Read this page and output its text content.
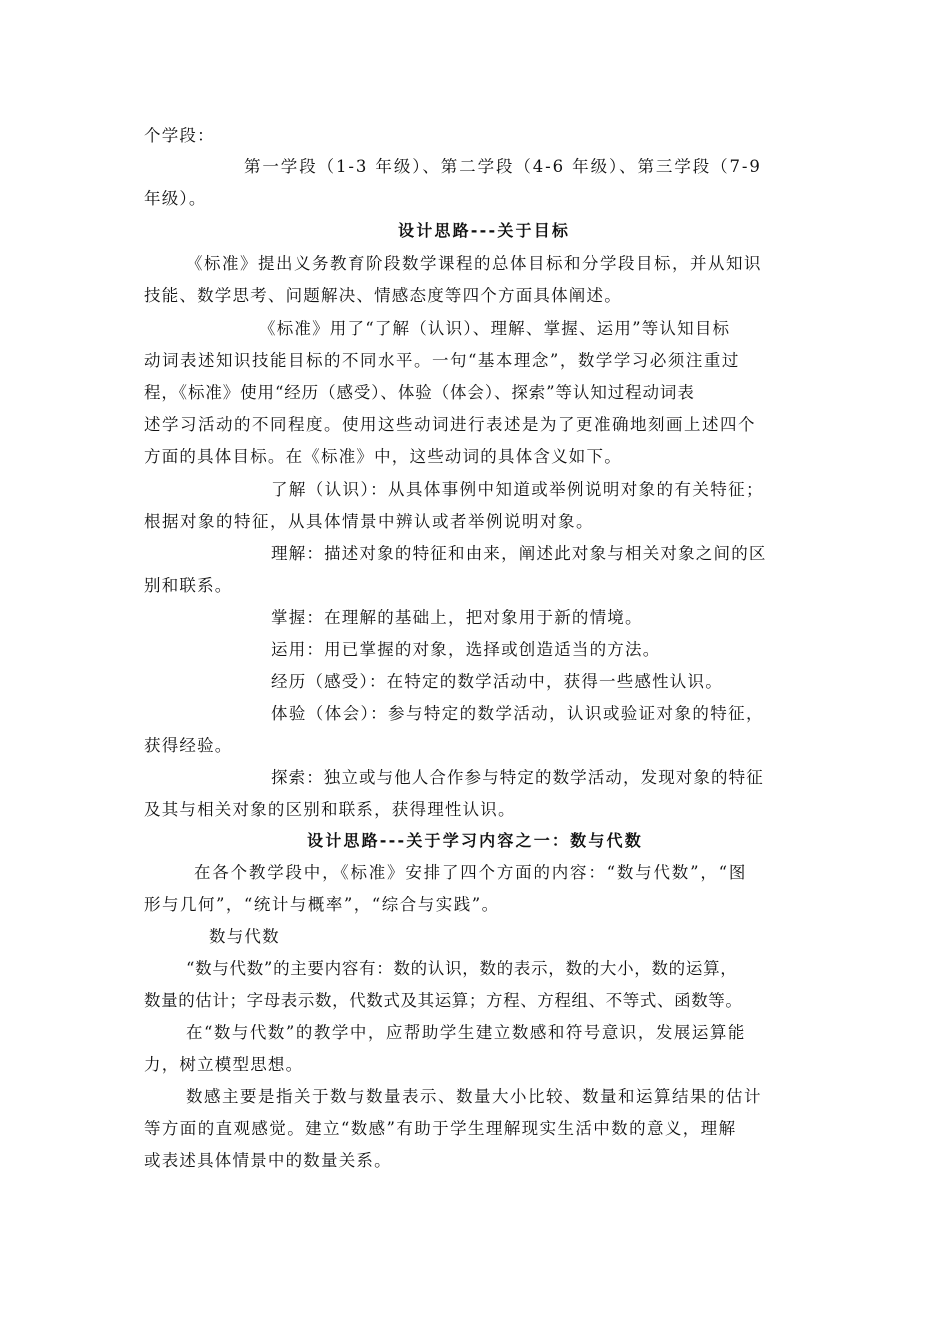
个学段：
第一学段（1-3 年级）、第二学段（4-6 年级）、第三学段（7-9
年级）。
设计思路---关于目标
《标准》提出义务教育阶段数学课程的总体目标和分学段目标，并从知识
技能、数学思考、问题解决、情感态度等四个方面具体阐述。
《标准》用了“了解（认识）、理解、掌握、运用”等认知目标
动词表述知识技能目标的不同水平。一句“基本理念”，数学学习必须注重过
程，《标准》使用“经历（感受）、体验（体会）、探索”等认知过程动词表
述学习活动的不同程度。使用这些动词进行表述是为了更准确地刻画上述四个
方面的具体目标。在《标准》中，这些动词的具体含义如下。
了解（认识）：从具体事例中知道或举例说明对象的有关特征；
根据对象的特征，从具体情景中辨认或者举例说明对象。
理解：描述对象的特征和由来，阐述此对象与相关对象之间的区
别和联系。
掌握：在理解的基础上，把对象用于新的情境。
运用：用已掌握的对象，选择或创造适当的方法。
经历（感受）：在特定的数学活动中，获得一些感性认识。
体验（体会）：参与特定的数学活动，认识或验证对象的特征，
获得经验。
探索：独立或与他人合作参与特定的数学活动，发现对象的特征
及其与相关对象的区别和联系，获得理性认识。
设计思路---关于学习内容之一：数与代数
在各个教学段中，《标准》安排了四个方面的内容：“数与代数”，“图
形与几何”，“统计与概率”，“综合与实践”。
数与代数
“数与代数”的主要内容有：数的认识，数的表示，数的大小，数的运算，
数量的估计；字母表示数，代数式及其运算；方程、方程组、不等式、函数等。
在“数与代数”的教学中，应帮助学生建立数感和符号意识，发展运算能
力，树立模型思想。
数感主要是指关于数与数量表示、数量大小比较、数量和运算结果的估计
等方面的直观感觉。建立“数感”有助于学生理解现实生活中数的意义，理解
或表述具体情景中的数量关系。
